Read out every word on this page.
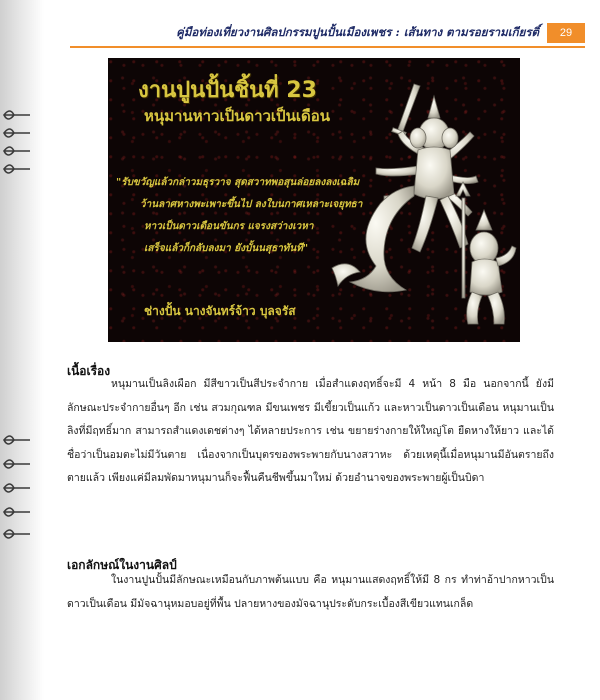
คู่มือท่องเที่ยวงานศิลปกรรมปูนปั้นเมืองเพชร : เส้นทาง ตามรอยรามเกียรติ์	29
งานปูนปั้นชิ้นที่ 23
หนุมานหาวเป็นดาวเป็นเดือน
"รับขวัญแล้วกล่าวมธุรวาจ สุดสวาทพอสุนล่อยลงลงเฉลิม
ว้านลาศหางพะเพาะขึ้นไป ลงใบนกาศเหลาะเจยุทธา
หาวเป็นดาวเดือนขันกร แจรงสว่างเวหา
เสร็จแล้วก็กลับลงมา ยังบั้นนสุธาทันที"
ช่างปั้น นางจันทร์จ้าว บุลจรัส
เนื้อเรื่อง
หนุมานเป็นลิงเผือก มีสีขาวเป็นสีประจำกาย เมื่อสำแดงฤทธิ์จะมี 4 หน้า 8 มือ นอกจากนี้ ยังมีลักษณะประจำกายอื่นๆ อีก เช่น สวมกุณฑล มีขนเพชร มีเขี้ยวเป็นแก้ว และหาวเป็นดาวเป็นเดือน หนุมานเป็นลิงที่มีฤทธิ์มาก สามารถสำแดงเดชต่างๆ ได้หลายประการ เช่น ขยายร่างกายให้ใหญ่โต ยืดหางให้ยาว และได้ชื่อว่าเป็นอมตะไม่มีวันตาย เนื่องจากเป็นบุตรของพระพายกับนางสวาหะ ด้วยเหตุนี้เมื่อหนุมานมีอันตรายถึงตายแล้ว เพียงแค่มีลมพัดมาหนุมานก็จะฟื้นคืนชีพขึ้นมาใหม่ ด้วยอำนาจของพระพายผู้เป็นบิดา
เอกลักษณ์ในงานศิลป์
ในงานปูนปั้นมีลักษณะเหมือนกับภาพต้นแบบ คือ หนุมานแสดงฤทธิ์ให้มี 8 กร ทำท่าอ้าปากหาวเป็นดาวเป็นเดือน มีมัจฉานุหมอบอยู่ที่พื้น ปลายหางของมัจฉานุประดับกระเบื้องสีเขียวแทนเกล็ด
